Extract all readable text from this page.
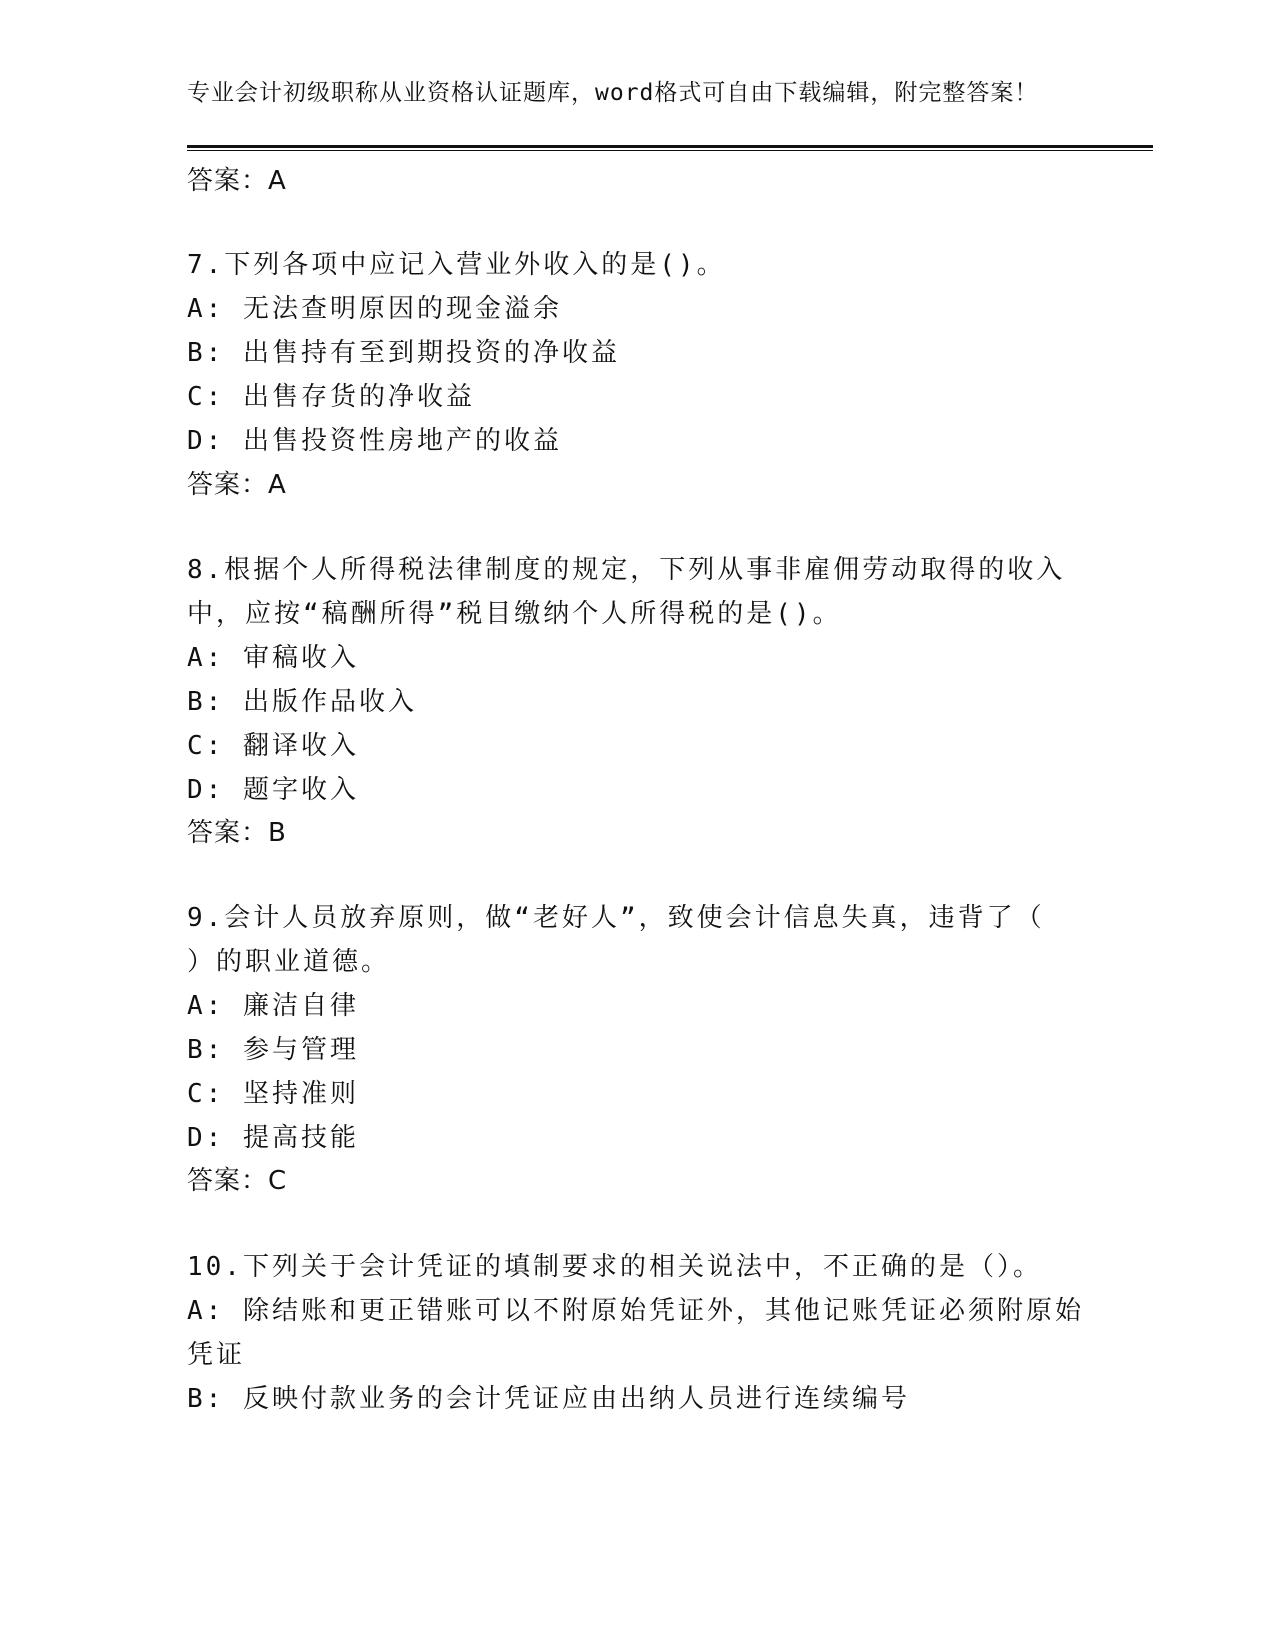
专业会计初级职称从业资格认证题库，word格式可自由下载编辑，附完整答案！
答案：A
7.下列各项中应记入营业外收入的是()。
A: 无法查明原因的现金溢余
B: 出售持有至到期投资的净收益
C: 出售存货的净收益
D: 出售投资性房地产的收益
答案：A
8.根据个人所得税法律制度的规定，下列从事非雇佣劳动取得的收入
中，应按“稿酬所得”税目缴纳个人所得税的是()。
A: 审稿收入
B: 出版作品收入
C: 翻译收入
D: 题字收入
答案：B
9.会计人员放弃原则，做“老好人”，致使会计信息失真，违背了（
）的职业道德。
A: 廉洁自律
B: 参与管理
C: 坚持准则
D: 提高技能
答案：C
10.下列关于会计凭证的填制要求的相关说法中，不正确的是（）。
A: 除结账和更正错账可以不附原始凭证外，其他记账凭证必须附原始
凭证
B: 反映付款业务的会计凭证应由出纳人员进行连续编号
